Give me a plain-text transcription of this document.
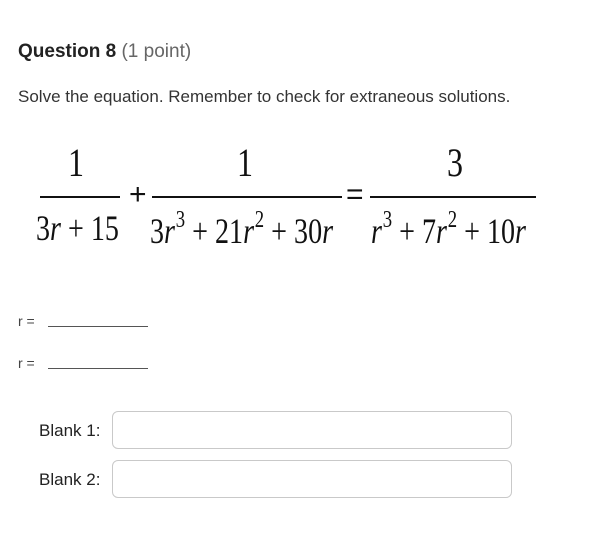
Question 8 (1 point)
Solve the equation. Remember to check for extraneous solutions.
1
3r + 15
+
1
$3r^3 + 21r^2 + 30r$
=
3
$r^3 + 7r^2 + 10r$
r =
r =
Blank 1:
Blank 2:
